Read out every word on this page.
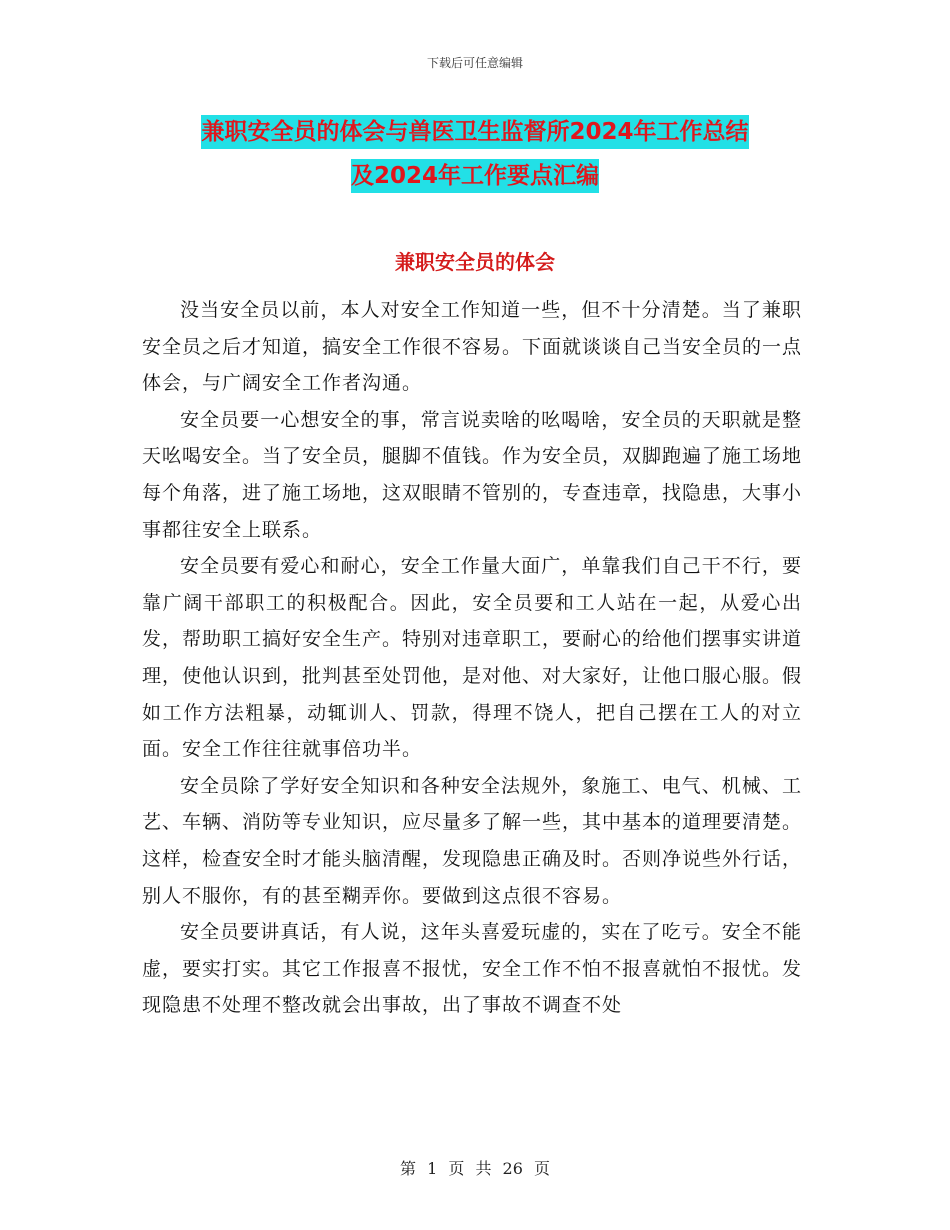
下载后可任意编辑
兼职安全员的体会与兽医卫生监督所2024年工作总结
及2024年工作要点汇编
兼职安全员的体会

没当安全员以前，本人对安全工作知道一些，但不十分清楚。当了兼职安全员之后才知道，搞安全工作很不容易。下面就谈谈自己当安全员的一点体会，与广阔安全工作者沟通。

安全员要一心想安全的事，常言说卖啥的吆喝啥，安全员的天职就是整天吆喝安全。当了安全员，腿脚不值钱。作为安全员，双脚跑遍了施工场地每个角落，进了施工场地，这双眼睛不管别的，专查违章，找隐患，大事小事都往安全上联系。

安全员要有爱心和耐心，安全工作量大面广，单靠我们自己干不行，要靠广阔干部职工的积极配合。因此，安全员要和工人站在一起，从爱心出发，帮助职工搞好安全生产。特别对违章职工，要耐心的给他们摆事实讲道理，使他认识到，批判甚至处罚他，是对他、对大家好，让他口服心服。假如工作方法粗暴，动辄训人、罚款，得理不饶人，把自己摆在工人的对立面。安全工作往往就事倍功半。

安全员除了学好安全知识和各种安全法规外，象施工、电气、机械、工艺、车辆、消防等专业知识，应尽量多了解一些，其中基本的道理要清楚。这样，检查安全时才能头脑清醒，发现隐患正确及时。否则净说些外行话，别人不服你，有的甚至糊弄你。要做到这点很不容易。

安全员要讲真话，有人说，这年头喜爱玩虚的，实在了吃亏。安全不能虚，要实打实。其它工作报喜不报忧，安全工作不怕不报喜就怕不报忧。发现隐患不处理不整改就会出事故，出了事故不调查不处

第 1 页 共 26 页
